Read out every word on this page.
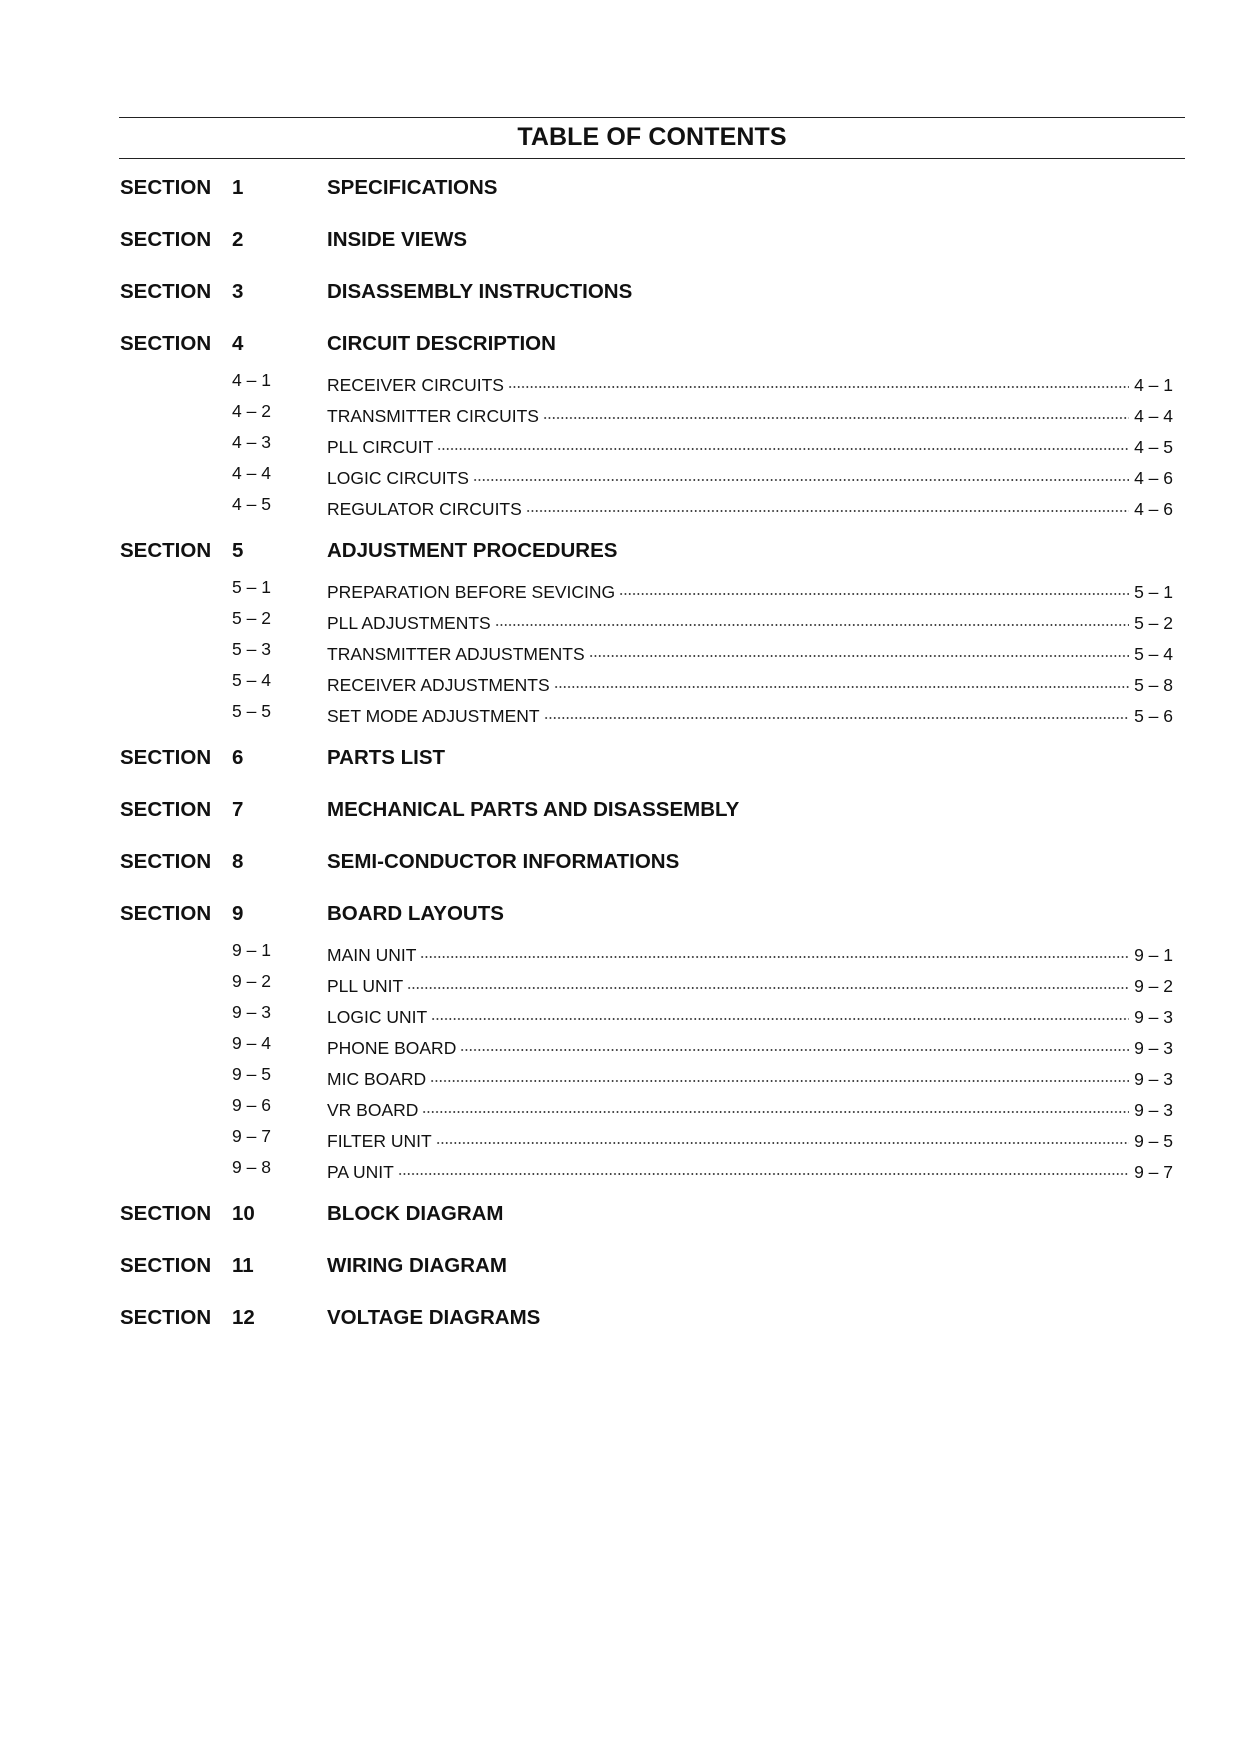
TABLE OF CONTENTS
SECTION 1	SPECIFICATIONS
SECTION 2	INSIDE VIEWS
SECTION 3	DISASSEMBLY INSTRUCTIONS
SECTION 4	CIRCUIT DESCRIPTION
4 – 1	RECEIVER CIRCUITS	4 – 1
4 – 2	TRANSMITTER CIRCUITS	4 – 4
4 – 3	PLL CIRCUIT	4 – 5
4 – 4	LOGIC CIRCUITS	4 – 6
4 – 5	REGULATOR CIRCUITS	4 – 6
SECTION 5	ADJUSTMENT PROCEDURES
5 – 1	PREPARATION BEFORE SEVICING	5 – 1
5 – 2	PLL ADJUSTMENTS	5 – 2
5 – 3	TRANSMITTER ADJUSTMENTS	5 – 4
5 – 4	RECEIVER ADJUSTMENTS	5 – 8
5 – 5	SET MODE ADJUSTMENT	5 – 6
SECTION 6	PARTS LIST
SECTION 7	MECHANICAL PARTS AND DISASSEMBLY
SECTION 8	SEMI-CONDUCTOR INFORMATIONS
SECTION 9	BOARD LAYOUTS
9 – 1	MAIN UNIT	9 – 1
9 – 2	PLL UNIT	9 – 2
9 – 3	LOGIC UNIT	9 – 3
9 – 4	PHONE BOARD	9 – 3
9 – 5	MIC BOARD	9 – 3
9 – 6	VR BOARD	9 – 3
9 – 7	FILTER UNIT	9 – 5
9 – 8	PA UNIT	9 – 7
SECTION 10	BLOCK DIAGRAM
SECTION 11	WIRING DIAGRAM
SECTION 12	VOLTAGE DIAGRAMS
